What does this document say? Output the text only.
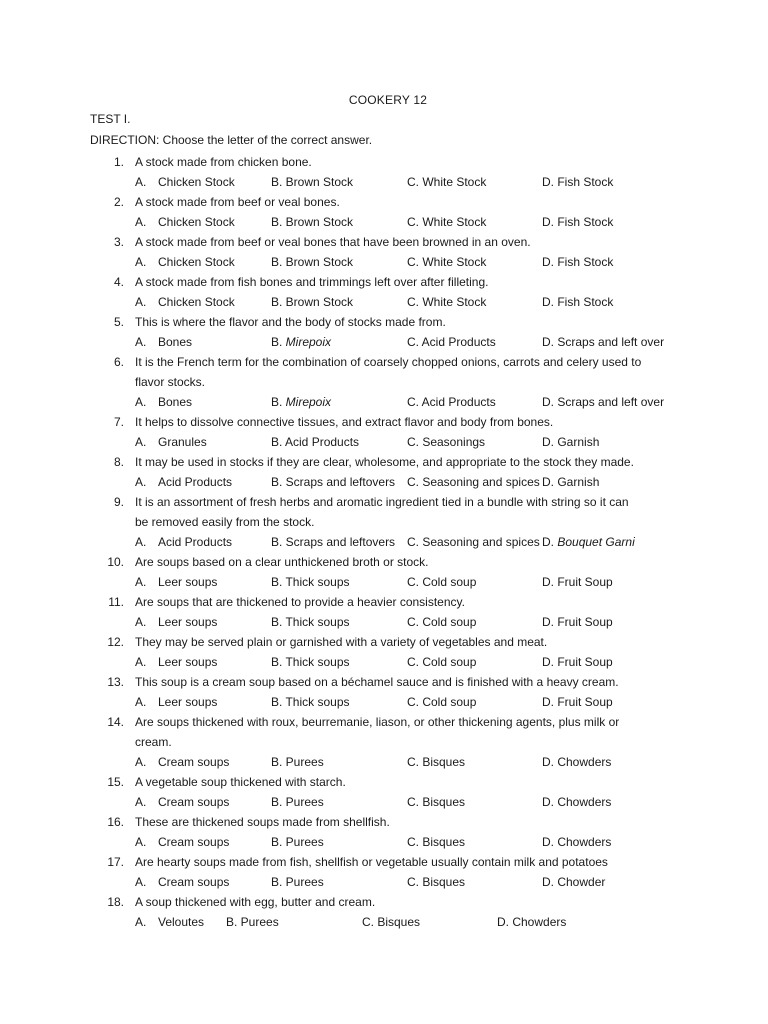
COOKERY 12
TEST I.
DIRECTION: Choose the letter of the correct answer.
1. A stock made from chicken bone.
A. Chicken Stock	B. Brown Stock	C. White Stock	D. Fish Stock
2. A stock made from beef or veal bones.
A. Chicken Stock	B. Brown Stock	C. White Stock	D. Fish Stock
3. A stock made from beef or veal bones that have been browned in an oven.
A. Chicken Stock	B. Brown Stock	C. White Stock	D. Fish Stock
4. A stock made from fish bones and trimmings left over after filleting.
A. Chicken Stock	B. Brown Stock	C. White Stock	D. Fish Stock
5. This is where the flavor and the body of stocks made from.
A. Bones	B. Mirepoix	C. Acid Products	D. Scraps and left over
6. It is the French term for the combination of coarsely chopped onions, carrots and celery used to
flavor stocks.
A. Bones	B. Mirepoix	C. Acid Products	D. Scraps and left over
7. It helps to dissolve connective tissues, and extract flavor and body from bones.
A. Granules	B. Acid Products	C. Seasonings	D. Garnish
8. It may be used in stocks if they are clear, wholesome, and appropriate to the stock they made.
A. Acid Products	B. Scraps and leftovers C. Seasoning and spices D. Garnish
9. It is an assortment of fresh herbs and aromatic ingredient tied in a bundle with string so it can
be removed easily from the stock.
A. Acid Products	B. Scraps and leftovers C. Seasoning and spices D. Bouquet Garni
10. Are soups based on a clear unthickened broth or stock.
A. Leer soups	B. Thick soups	C. Cold soup	D. Fruit Soup
11. Are soups that are thickened to provide a heavier consistency.
A. Leer soups	B. Thick soups	C. Cold soup	D. Fruit Soup
12. They may be served plain or garnished with a variety of vegetables and meat.
A. Leer soups	B. Thick soups	C. Cold soup	D. Fruit Soup
13. This soup is a cream soup based on a béchamel sauce and is finished with a heavy cream.
A. Leer soups	B. Thick soups	C. Cold soup	D. Fruit Soup
14. Are soups thickened with roux, beurremanie, liason, or other thickening agents, plus milk or
cream.
A. Cream soups	B. Purees	C. Bisques	D. Chowders
15. A vegetable soup thickened with starch.
A. Cream soups	B. Purees	C. Bisques	D. Chowders
16. These are thickened soups made from shellfish.
A. Cream soups	B. Purees	C. Bisques	D. Chowders
17. Are hearty soups made from fish, shellfish or vegetable usually contain milk and potatoes
A. Cream soups	B. Purees	C. Bisques	D. Chowder
18. A soup thickened with egg, butter and cream.
A. Veloutes B. Purees	C. Bisques	D. Chowders
